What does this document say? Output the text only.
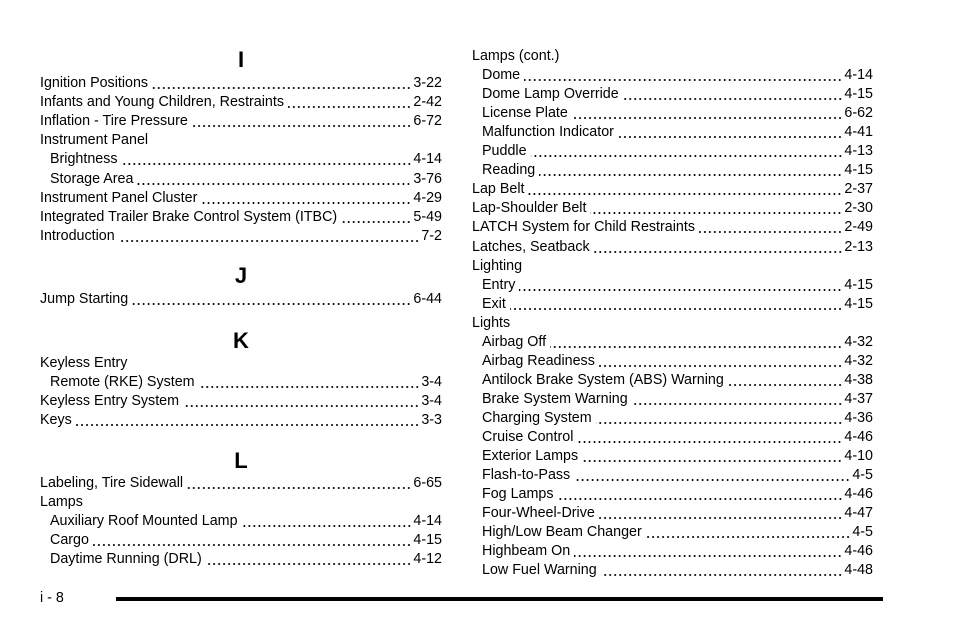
I
Ignition Positions	3-22
Infants and Young Children, Restraints	2-42
Inflation - Tire Pressure	6-72
Instrument Panel
Brightness	4-14
Storage Area	3-76
Instrument Panel Cluster	4-29
Integrated Trailer Brake Control System (ITBC)	5-49
Introduction	7-2
J
Jump Starting	6-44
K
Keyless Entry
Remote (RKE) System	3-4
Keyless Entry System	3-4
Keys	3-3
L
Labeling, Tire Sidewall	6-65
Lamps
Auxiliary Roof Mounted Lamp	4-14
Cargo	4-15
Daytime Running (DRL)	4-12
Lamps (cont.)
Dome	4-14
Dome Lamp Override	4-15
License Plate	6-62
Malfunction Indicator	4-41
Puddle	4-13
Reading	4-15
Lap Belt	2-37
Lap-Shoulder Belt	2-30
LATCH System for Child Restraints	2-49
Latches, Seatback	2-13
Lighting
Entry	4-15
Exit	4-15
Lights
Airbag Off	4-32
Airbag Readiness	4-32
Antilock Brake System (ABS) Warning	4-38
Brake System Warning	4-37
Charging System	4-36
Cruise Control	4-46
Exterior Lamps	4-10
Flash-to-Pass	4-5
Fog Lamps	4-46
Four-Wheel-Drive	4-47
High/Low Beam Changer	4-5
Highbeam On	4-46
Low Fuel Warning	4-48
i - 8
